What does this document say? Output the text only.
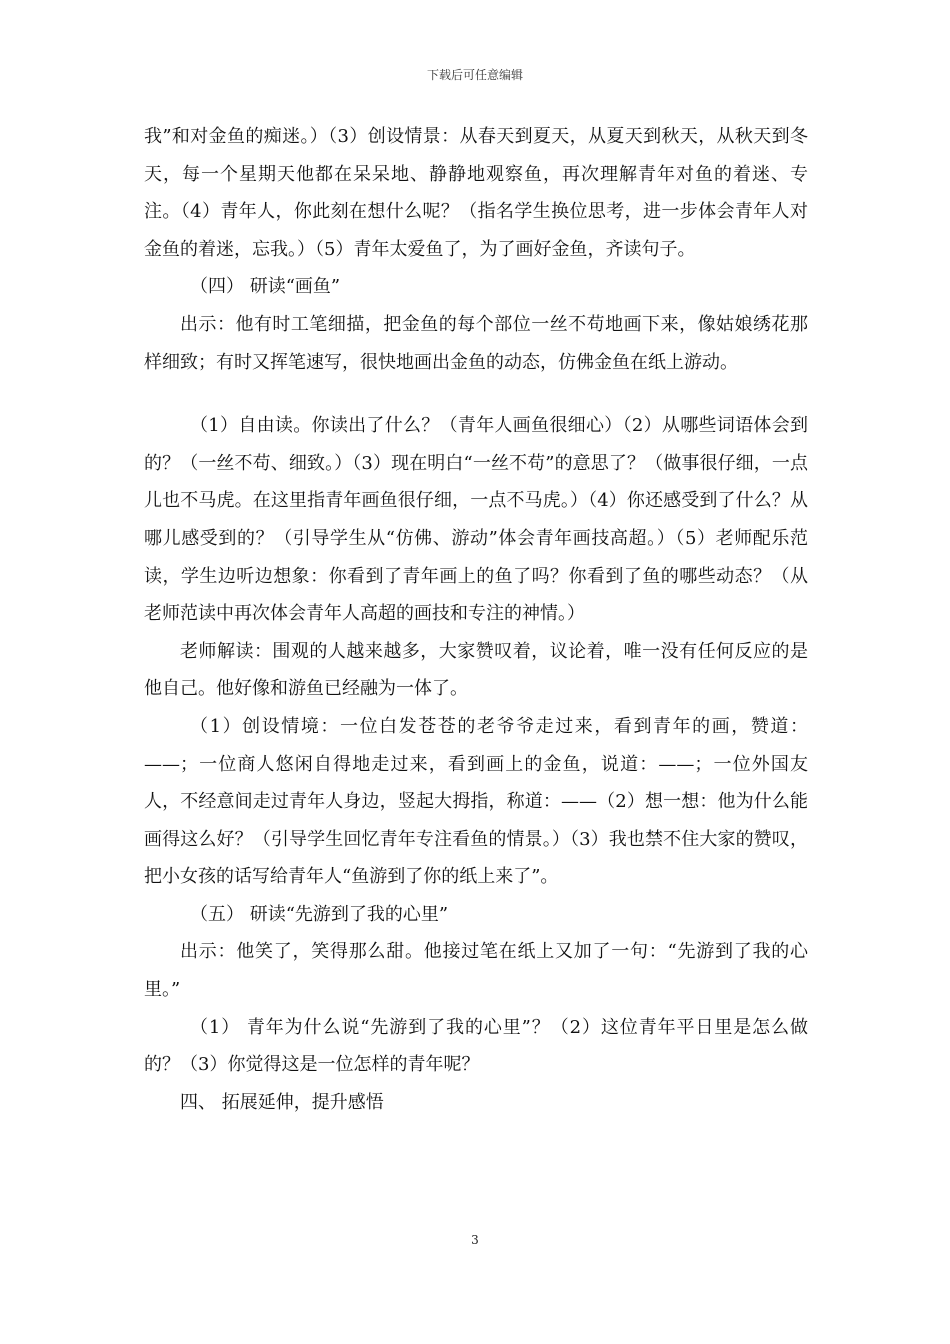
下载后可任意编辑

我”和对金鱼的痴迷。）（3）创设情景：从春天到夏天，从夏天到秋天，从秋天到冬天，每一个星期天他都在呆呆地、静静地观察鱼，再次理解青年对鱼的着迷、专注。（4）青年人，你此刻在想什么呢？（指名学生换位思考，进一步体会青年人对金鱼的着迷，忘我。）（5）青年太爱鱼了，为了画好金鱼，齐读句子。

（四） 研读“画鱼”

出示：他有时工笔细描，把金鱼的每个部位一丝不苟地画下来，像姑娘绣花那样细致；有时又挥笔速写，很快地画出金鱼的动态，仿佛金鱼在纸上游动。

（1）自由读。你读出了什么？（青年人画鱼很细心）（2）从哪些词语体会到的？（一丝不苟、细致。）（3）现在明白“一丝不苟”的意思了？（做事很仔细，一点儿也不马虎。在这里指青年画鱼很仔细，一点不马虎。）（4）你还感受到了什么？从哪儿感受到的？（引导学生从“仿佛、游动”体会青年画技高超。）（5）老师配乐范读，学生边听边想象：你看到了青年画上的鱼了吗？你看到了鱼的哪些动态？（从老师范读中再次体会青年人高超的画技和专注的神情。）

老师解读：围观的人越来越多，大家赞叹着，议论着，唯一没有任何反应的是他自己。他好像和游鱼已经融为一体了。

（1）创设情境：一位白发苍苍的老爷爷走过来，看到青年的画，赞道：——；一位商人悠闲自得地走过来，看到画上的金鱼，说道：——；一位外国友人，不经意间走过青年人身边，竖起大拇指，称道：——（2）想一想：他为什么能画得这么好？（引导学生回忆青年专注看鱼的情景。）（3）我也禁不住大家的赞叹，把小女孩的话写给青年人“鱼游到了你的纸上来了”。

（五） 研读“先游到了我的心里”

出示：他笑了，笑得那么甜。他接过笔在纸上又加了一句：“先游到了我的心里。”

（1） 青年为什么说“先游到了我的心里”？（2）这位青年平日里是怎么做的？（3）你觉得这是一位怎样的青年呢？

四、 拓展延伸，提升感悟

3
